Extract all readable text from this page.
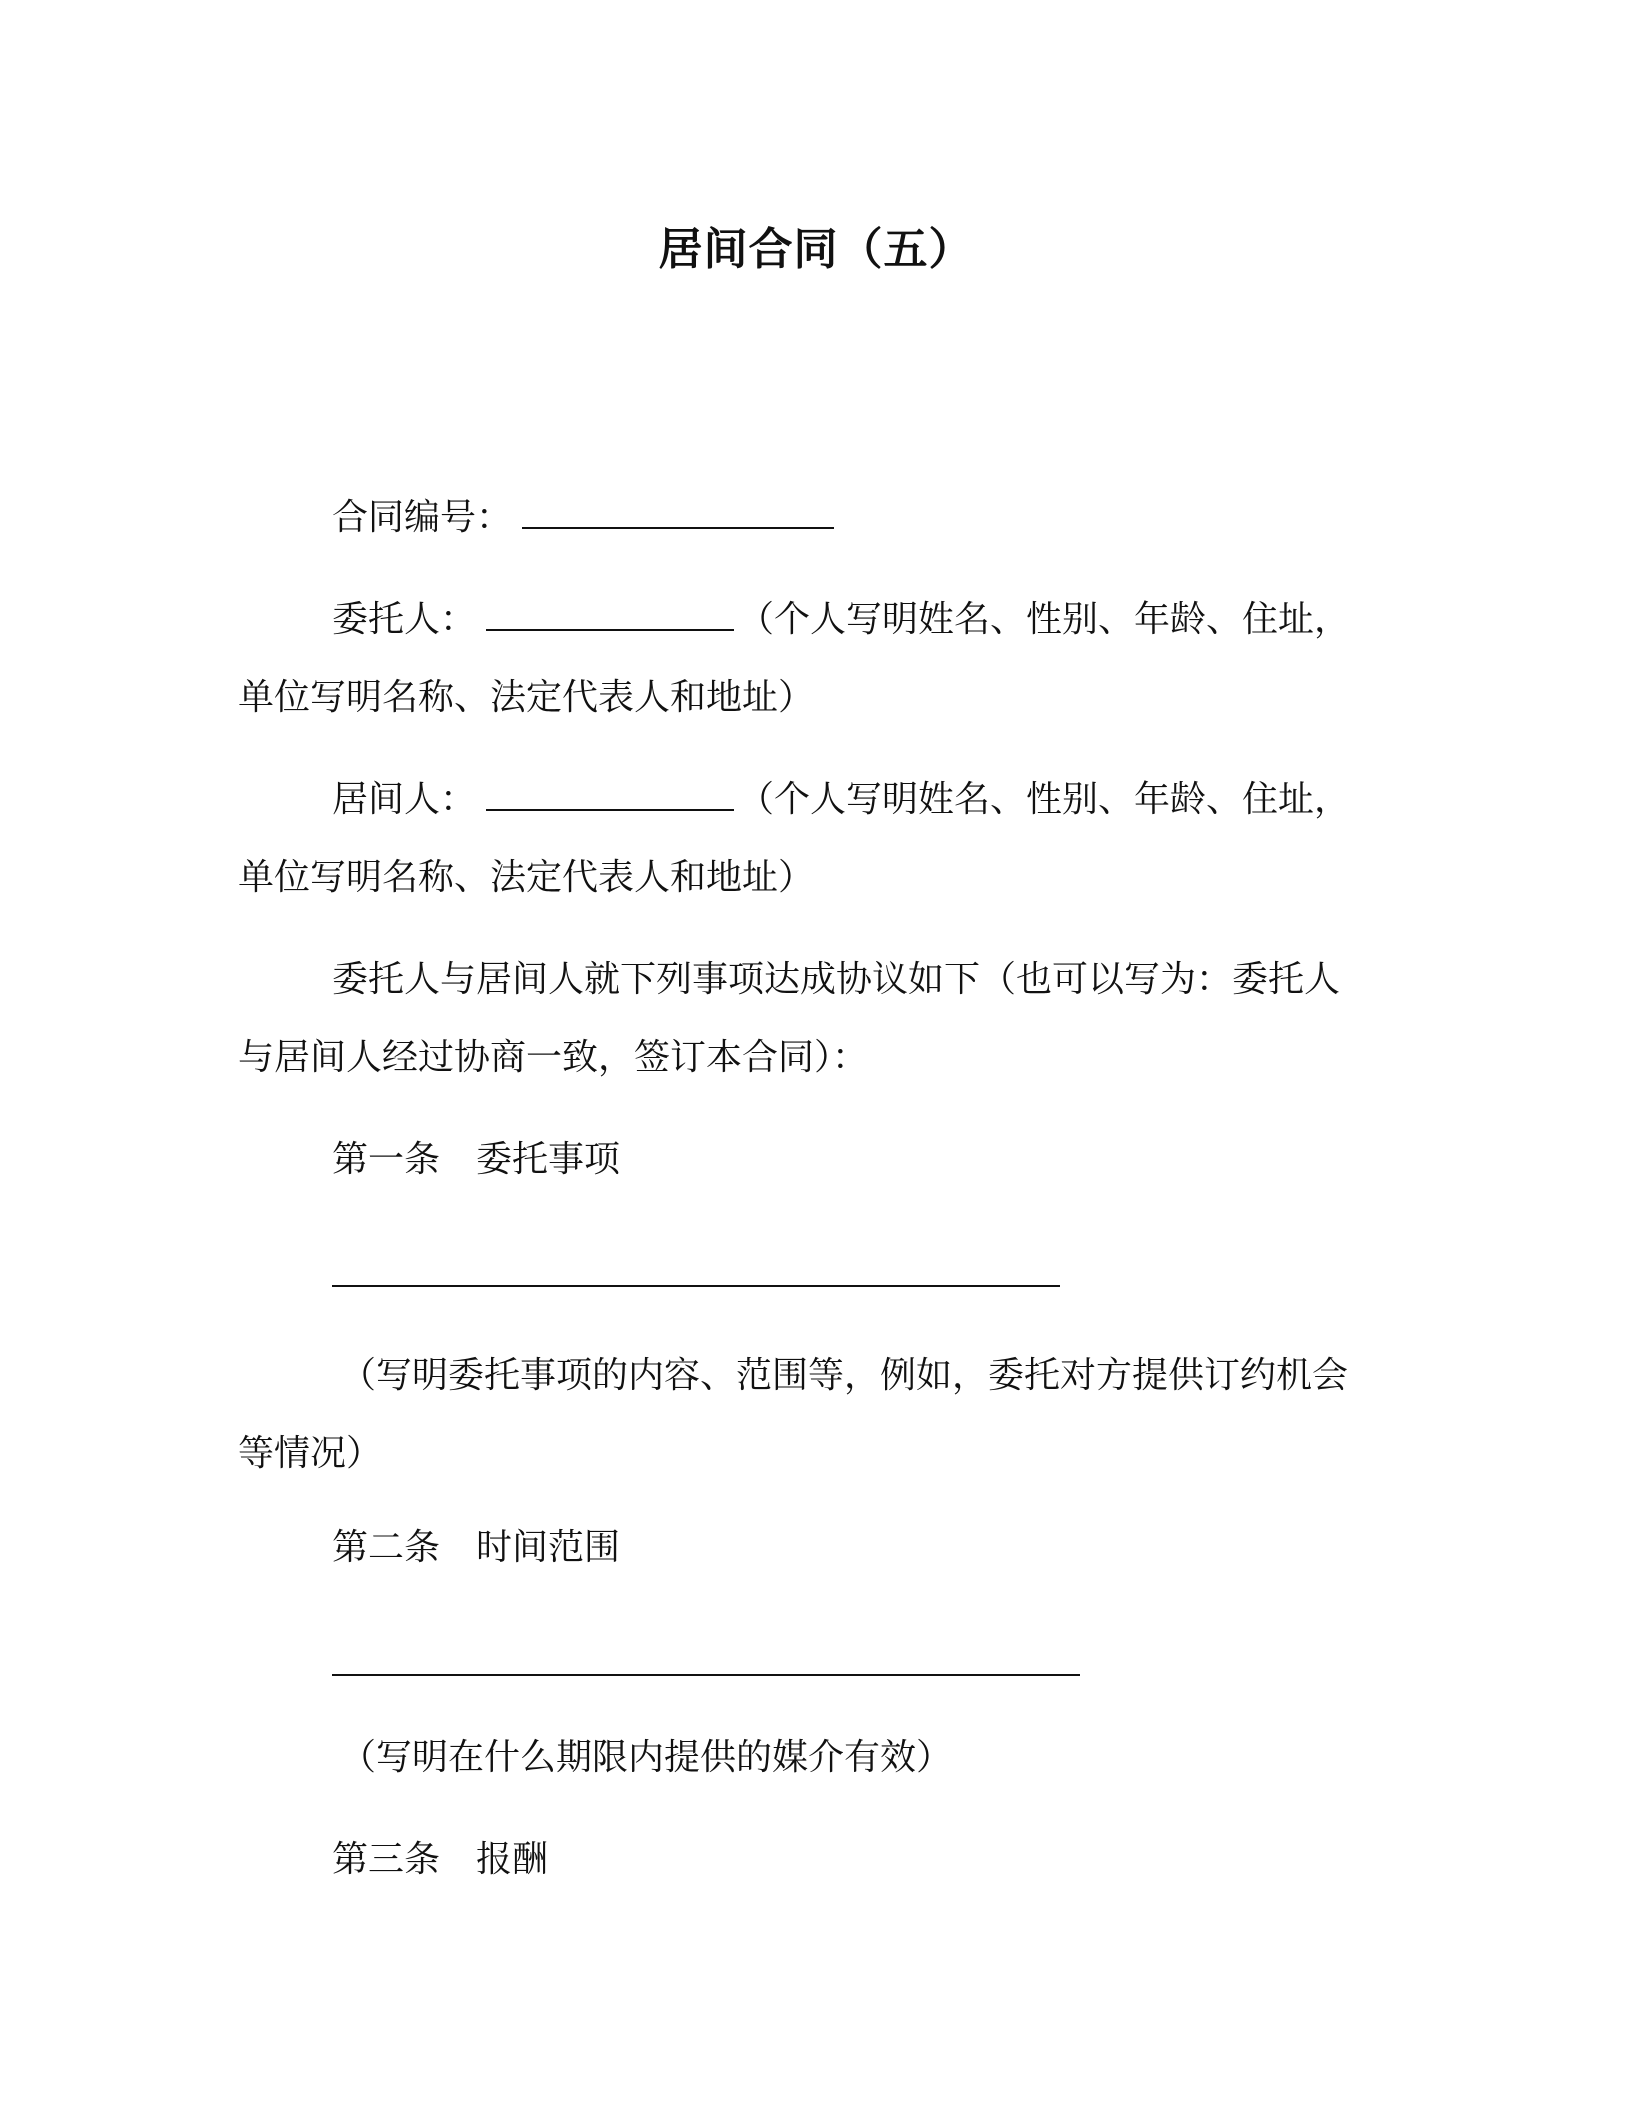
居间合同（五）
合同编号：
委托人：	（个人写明姓名、性别、年龄、住址，
单位写明名称、法定代表人和地址）
居间人：	（个人写明姓名、性别、年龄、住址，
单位写明名称、法定代表人和地址）
委托人与居间人就下列事项达成协议如下（也可以写为：委托人
与居间人经过协商一致，签订本合同）：
第一条　委托事项
（写明委托事项的内容、范围等，例如，委托对方提供订约机会
等情况）
第二条　时间范围
（写明在什么期限内提供的媒介有效）
第三条　报酬
